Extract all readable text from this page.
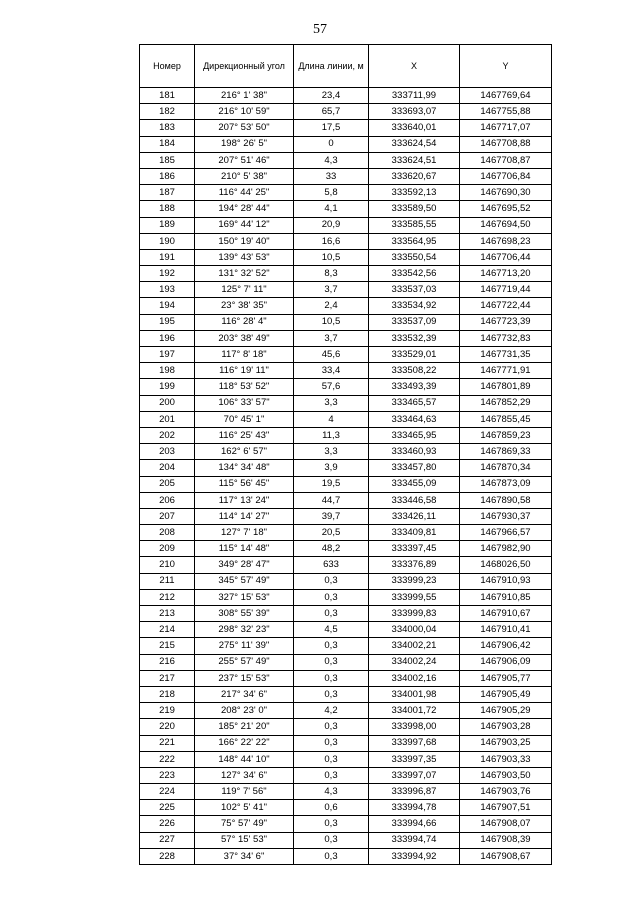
57
Номер	Дирекционный угол	Длина линии, м	X	Y
181	216° 1' 38"	23,4	333711,99	1467769,64
182	216° 10' 59"	65,7	333693,07	1467755,88
183	207° 53' 50"	17,5	333640,01	1467717,07
184	198° 26' 5"	0	333624,54	1467708,88
185	207° 51' 46"	4,3	333624,51	1467708,87
186	210° 5' 38"	33	333620,67	1467706,84
187	116° 44' 25"	5,8	333592,13	1467690,30
188	194° 28' 44"	4,1	333589,50	1467695,52
189	169° 44' 12"	20,9	333585,55	1467694,50
190	150° 19' 40"	16,6	333564,95	1467698,23
191	139° 43' 53"	10,5	333550,54	1467706,44
192	131° 32' 52"	8,3	333542,56	1467713,20
193	125° 7' 11"	3,7	333537,03	1467719,44
194	23° 38' 35"	2,4	333534,92	1467722,44
195	116° 28' 4"	10,5	333537,09	1467723,39
196	203° 38' 49"	3,7	333532,39	1467732,83
197	117° 8' 18"	45,6	333529,01	1467731,35
198	116° 19' 11"	33,4	333508,22	1467771,91
199	118° 53' 52"	57,6	333493,39	1467801,89
200	106° 33' 57"	3,3	333465,57	1467852,29
201	70° 45' 1"	4	333464,63	1467855,45
202	116° 25' 43"	11,3	333465,95	1467859,23
203	162° 6' 57"	3,3	333460,93	1467869,33
204	134° 34' 48"	3,9	333457,80	1467870,34
205	115° 56' 45"	19,5	333455,09	1467873,09
206	117° 13' 24"	44,7	333446,58	1467890,58
207	114° 14' 27"	39,7	333426,11	1467930,37
208	127° 7' 18"	20,5	333409,81	1467966,57
209	115° 14' 48"	48,2	333397,45	1467982,90
210	349° 28' 47"	633	333376,89	1468026,50
211	345° 57' 49"	0,3	333999,23	1467910,93
212	327° 15' 53"	0,3	333999,55	1467910,85
213	308° 55' 39"	0,3	333999,83	1467910,67
214	298° 32' 23"	4,5	334000,04	1467910,41
215	275° 11' 39"	0,3	334002,21	1467906,42
216	255° 57' 49"	0,3	334002,24	1467906,09
217	237° 15' 53"	0,3	334002,16	1467905,77
218	217° 34' 6"	0,3	334001,98	1467905,49
219	208° 23' 0"	4,2	334001,72	1467905,29
220	185° 21' 20"	0,3	333998,00	1467903,28
221	166° 22' 22"	0,3	333997,68	1467903,25
222	148° 44' 10"	0,3	333997,35	1467903,33
223	127° 34' 6"	0,3	333997,07	1467903,50
224	119° 7' 56"	4,3	333996,87	1467903,76
225	102° 5' 41"	0,6	333994,78	1467907,51
226	75° 57' 49"	0,3	333994,66	1467908,07
227	57° 15' 53"	0,3	333994,74	1467908,39
228	37° 34' 6"	0,3	333994,92	1467908,67
